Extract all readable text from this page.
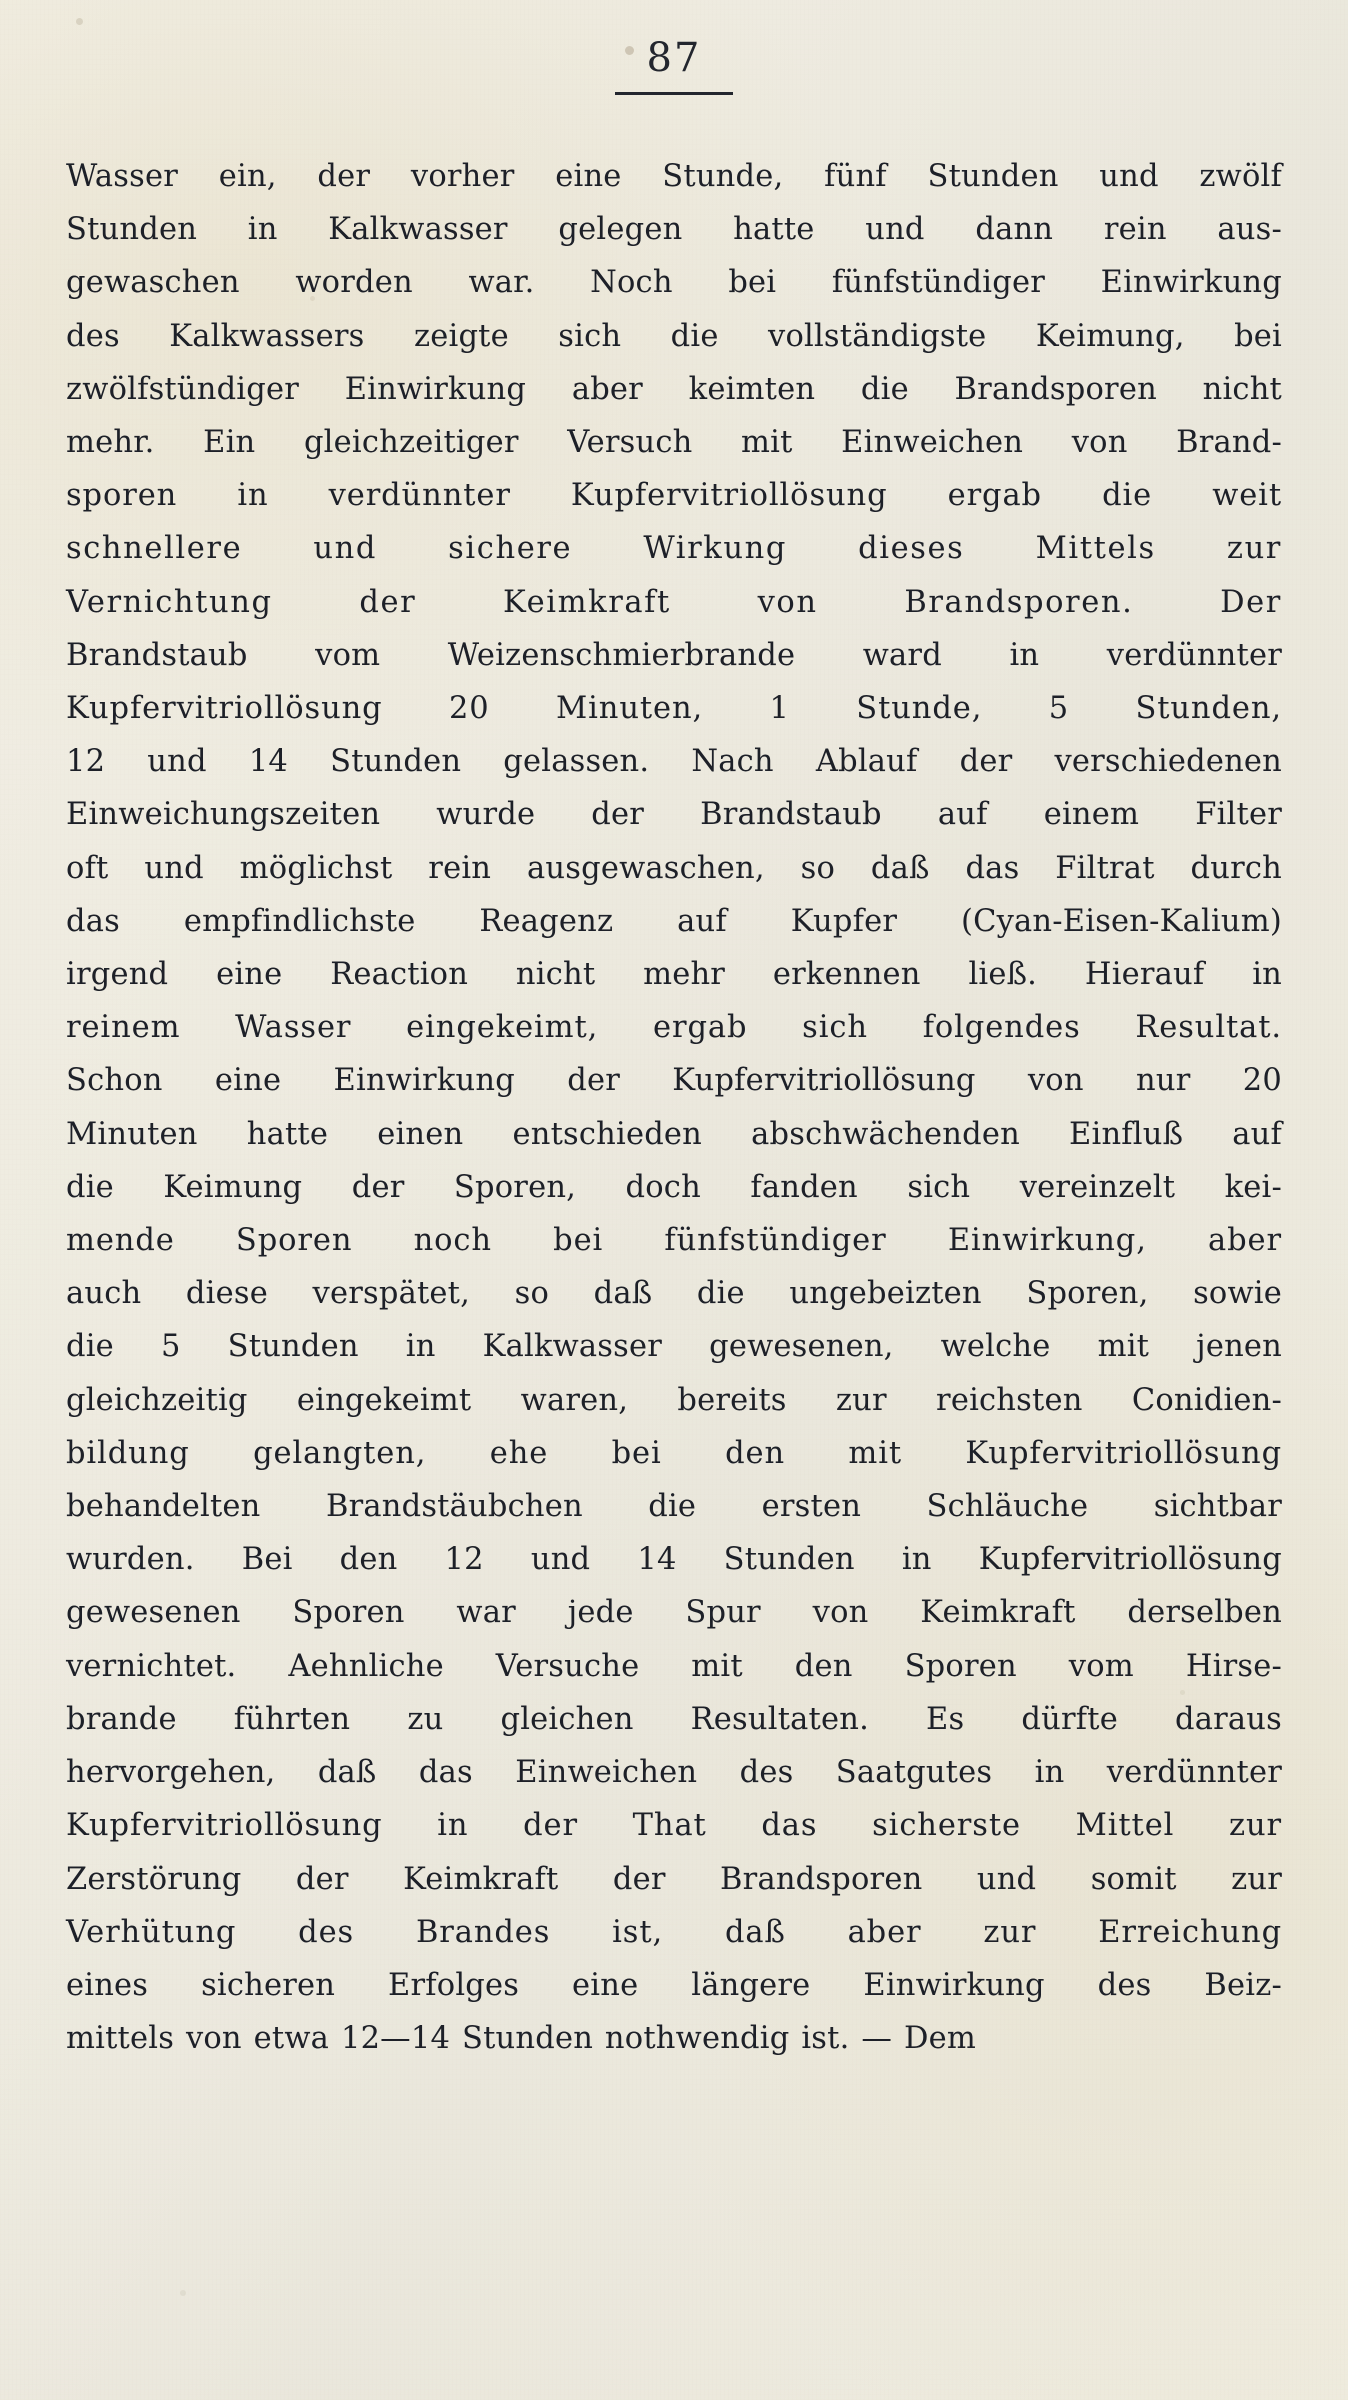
87

Wasser ein, der vorher eine Stunde, fünf Stunden und zwölf
Stunden in Kalkwasser gelegen hatte und dann rein aus-
gewaschen worden war. Noch bei fünfstündiger Einwirkung
des Kalkwassers zeigte sich die vollständigste Keimung, bei
zwölfstündiger Einwirkung aber keimten die Brandsporen nicht
mehr. Ein gleichzeitiger Versuch mit Einweichen von Brand-
sporen in verdünnter Kupfervitriollösung ergab die weit
schnellere und sichere Wirkung dieses Mittels zur
Vernichtung der Keimkraft von Brandsporen. Der
Brandstaub vom Weizenschmierbrande ward in verdünnter
Kupfervitriollösung 20 Minuten, 1 Stunde, 5 Stunden,
12 und 14 Stunden gelassen. Nach Ablauf der verschiedenen
Einweichungszeiten wurde der Brandstaub auf einem Filter
oft und möglichst rein ausgewaschen, so daß das Filtrat durch
das empfindlichste Reagenz auf Kupfer (Cyan-Eisen-Kalium)
irgend eine Reaction nicht mehr erkennen ließ. Hierauf in
reinem Wasser eingekeimt, ergab sich folgendes Resultat.
Schon eine Einwirkung der Kupfervitriollösung von nur 20
Minuten hatte einen entschieden abschwächenden Einfluß auf
die Keimung der Sporen, doch fanden sich vereinzelt kei-
mende Sporen noch bei fünfstündiger Einwirkung, aber
auch diese verspätet, so daß die ungebeizten Sporen, sowie
die 5 Stunden in Kalkwasser gewesenen, welche mit jenen
gleichzeitig eingekeimt waren, bereits zur reichsten Conidien-
bildung gelangten, ehe bei den mit Kupfervitriollösung
behandelten Brandstäubchen die ersten Schläuche sichtbar
wurden. Bei den 12 und 14 Stunden in Kupfervitriollösung
gewesenen Sporen war jede Spur von Keimkraft derselben
vernichtet. Aehnliche Versuche mit den Sporen vom Hirse-
brande führten zu gleichen Resultaten. Es dürfte daraus
hervorgehen, daß das Einweichen des Saatgutes in verdünnter
Kupfervitriollösung in der That das sicherste Mittel zur
Zerstörung der Keimkraft der Brandsporen und somit zur
Verhütung des Brandes ist, daß aber zur Erreichung
eines sicheren Erfolges eine längere Einwirkung des Beiz-
mittels von etwa 12—14 Stunden nothwendig ist. — Dem
